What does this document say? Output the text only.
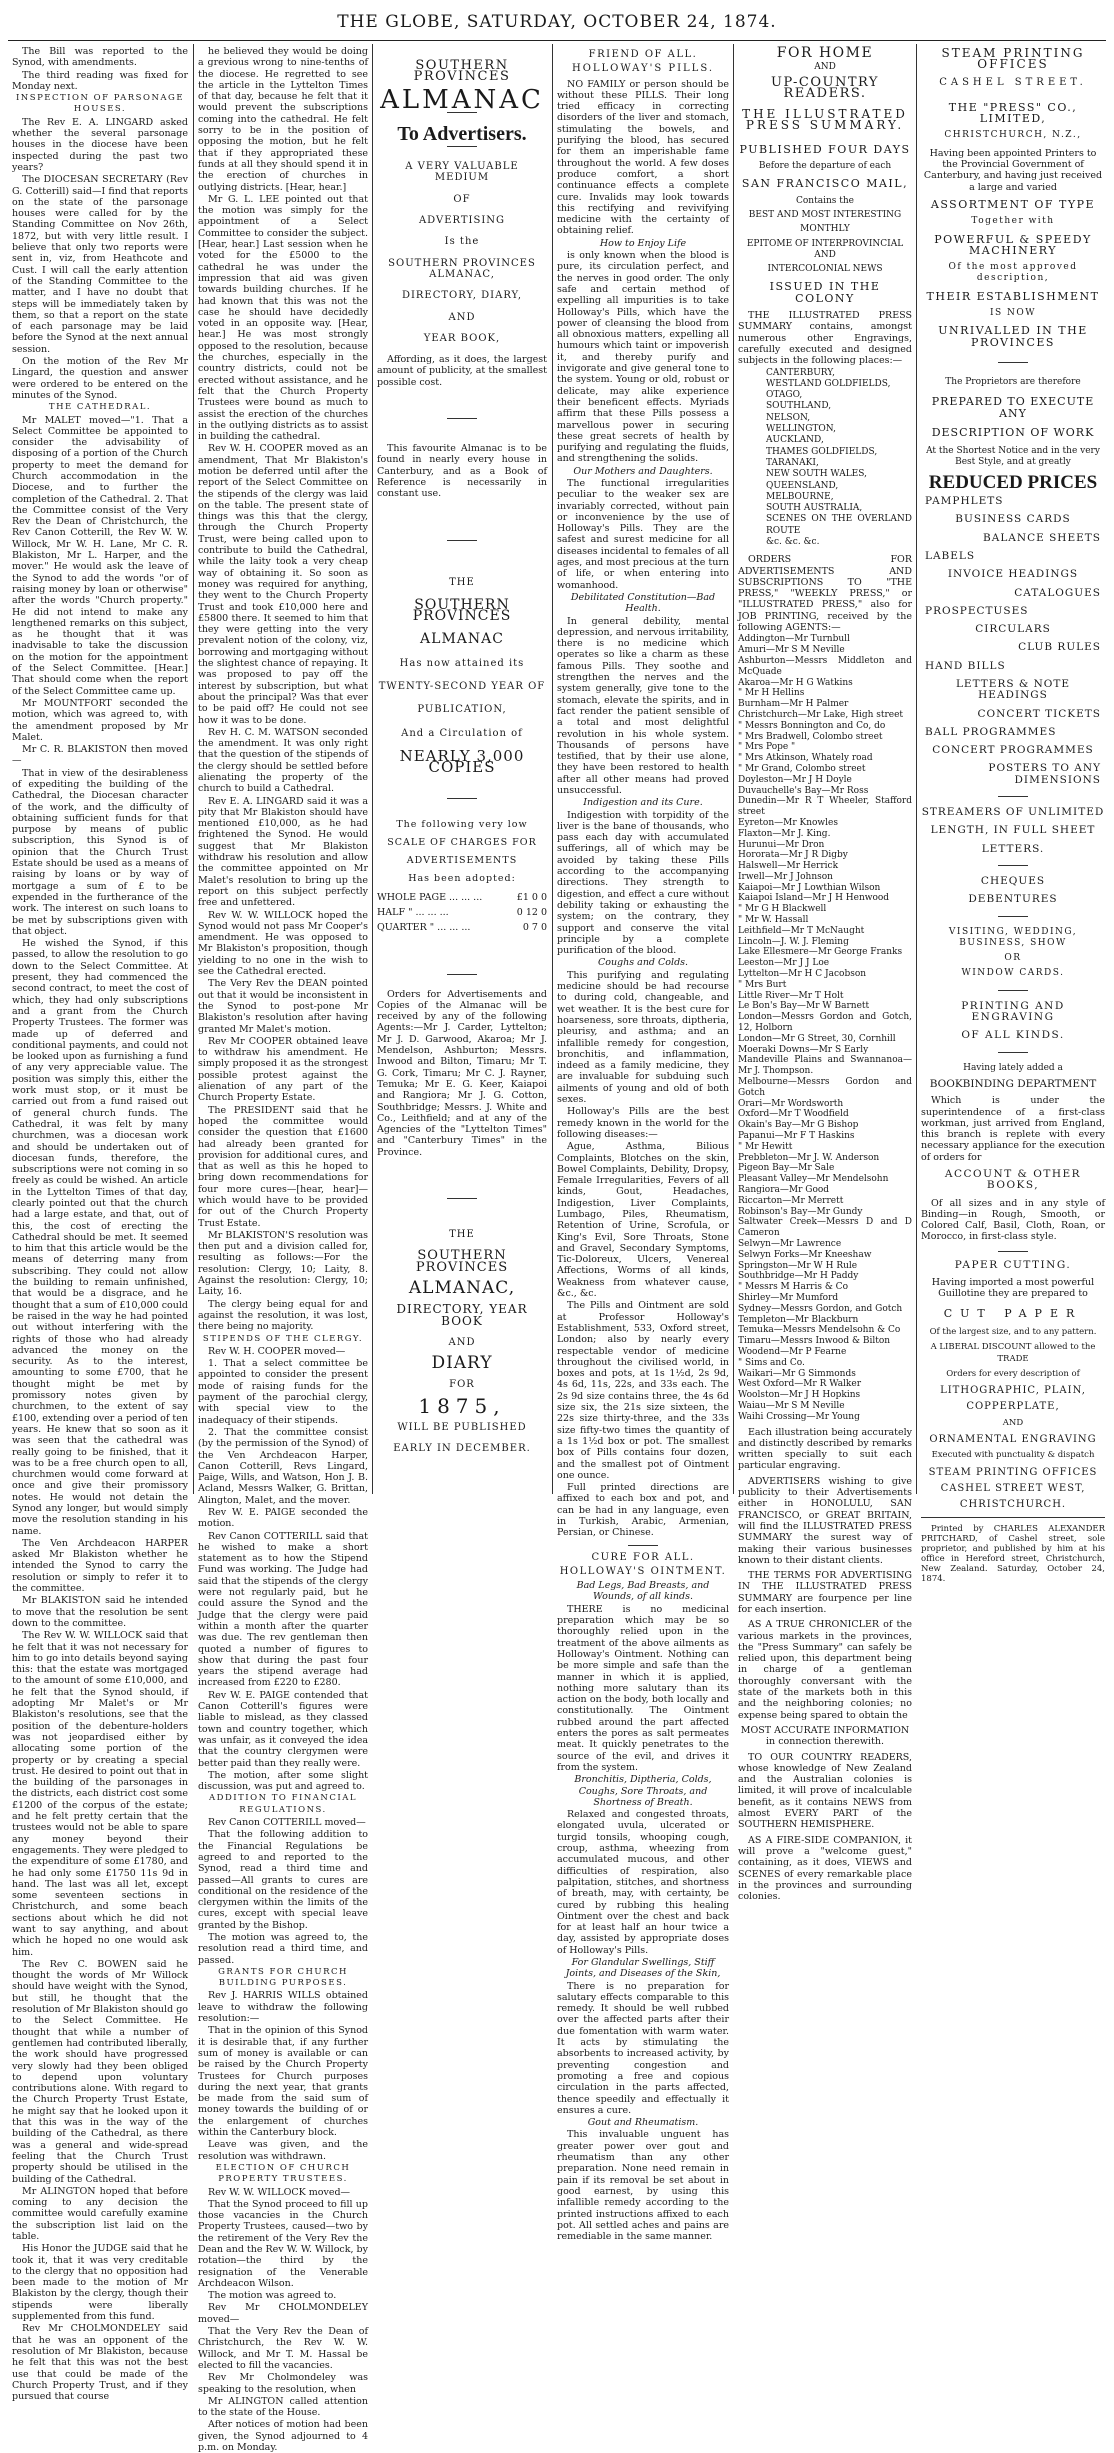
THE GLOBE, SATURDAY, OCTOBER 24, 1874.

The Bill was reported to the Synod, with amendments.

The third reading was fixed for Monday next.

INSPECTION OF PARSONAGE HOUSES.

The Rev E. A. LINGARD asked whether the several parsonage houses in the diocese have been inspected during the past two years?

The DIOCESAN SECRETARY (Rev G. Cotterill) said—I find that reports on the state of the parsonage houses were called for by the Standing Committee on Nov 26th, 1872, but with very little result. I believe that only two reports were sent in, viz, from Heathcote and Cust. I will call the early attention of the Standing Committee to the matter, and I have no doubt that steps will be immediately taken by them, so that a report on the state of each parsonage may be laid before the Synod at the next annual session.

On the motion of the Rev Mr Lingard, the question and answer were ordered to be entered on the minutes of the Synod.

THE CATHEDRAL.

Mr MALET moved—"1. That a Select Committee be appointed to consider the advisability of disposing of a portion of the Church property to meet the demand for Church accommodation in the Diocese, and to further the completion of the Cathedral. 2. That the Committee consist of the Very Rev the Dean of Christchurch, the Rev Canon Cotterill, the Rev W. W. Willock, Mr W. H. Lane, Mr C. R. Blakiston, Mr L. Harper, and the mover." He would ask the leave of the Synod to add the words "or of raising money by loan or otherwise" after the words "Church property." He did not intend to make any lengthened remarks on this subject, as he thought that it was inadvisable to take the discussion on the motion for the appointment of the Select Committee. [Hear.] That should come when the report of the Select Committee came up.

Mr MOUNTFORT seconded the motion, which was agreed to, with the amendment proposed by Mr Malet.

Mr C. R. BLAKISTON then moved—

That in view of the desirableness of expediting the building of the Cathedral, the Diocesan character of the work, and the difficulty of obtaining sufficient funds for that purpose by means of public subscription, this Synod is of opinion that the Church Trust Estate should be used as a means of raising by loans or by way of mortgage a sum of £ to be expended in the furtherance of the work. The interest on such loans to be met by subscriptions given with that object.

He wished the Synod, if this passed, to allow the resolution to go down to the Select Committee. At present, they had commenced the second contract, to meet the cost of which, they had only subscriptions and a grant from the Church Property Trustees. The former was made up of deferred and conditional payments, and could not be looked upon as furnishing a fund of any very appreciable value. The position was simply this, either the work must stop, or it must be carried out from a fund raised out of general church funds. The Cathedral, it was felt by many churchmen, was a diocesan work and should be undertaken out of diocesan funds, therefore, the subscriptions were not coming in so freely as could be wished. An article in the Lyttelton Times of that day, clearly pointed out that the church had a large estate, and that, out of this, the cost of erecting the Cathedral should be met. It seemed to him that this article would be the means of deterring many from subscribing. They could not allow the building to remain unfinished, that would be a disgrace, and he thought that a sum of £10,000 could be raised in the way he had pointed out without interfering with the rights of those who had already advanced the money on the security. As to the interest, amounting to some £700, that he thought might be met by promissory notes given by churchmen, to the extent of say £100, extending over a period of ten years. He knew that so soon as it was seen that the cathedral was really going to be finished, that it was to be a free church open to all, churchmen would come forward at once and give their promissory notes. He would not detain the Synod any longer, but would simply move the resolution standing in his name.

The Ven Archdeacon HARPER asked Mr Blakiston whether he intended the Synod to carry the resolution or simply to refer it to the committee.

Mr BLAKISTON said he intended to move that the resolution be sent down to the committee.

The Rev W. W. WILLOCK said that he felt that it was not necessary for him to go into details beyond saying this: that the estate was mortgaged to the amount of some £10,000, and he felt that the Synod should, if adopting Mr Malet's or Mr Blakiston's resolutions, see that the position of the debenture-holders was not jeopardised either by allocating some portion of the property or by creating a special trust. He desired to point out that in the building of the parsonages in the districts, each district cost some £1200 of the corpus of the estate; and he felt pretty certain that the trustees would not be able to spare any money beyond their engagements. They were pledged to the expenditure of some £1780, and he had only some £1750 11s 9d in hand. The last was all let, except some seventeen sections in Christchurch, and some beach sections about which he did not want to say anything, and about which he hoped no one would ask him.

The Rev C. BOWEN said he thought the words of Mr Willock should have weight with the Synod, but still, he thought that the resolution of Mr Blakiston should go to the Select Committee. He thought that while a number of gentlemen had contributed liberally, the work should have progressed very slowly had they been obliged to depend upon voluntary contributions alone. With regard to the Church Property Trust Estate, he might say that he looked upon it that this was in the way of the building of the Cathedral, as there was a general and wide-spread feeling that the Church Trust property should be utilised in the building of the Cathedral.

Mr ALINGTON hoped that before coming to any decision the committee would carefully examine the subscription list laid on the table.

His Honor the JUDGE said that he took it, that it was very creditable to the clergy that no opposition had been made to the motion of Mr Blakiston by the clergy, though their stipends were liberally supplemented from this fund.

Rev Mr CHOLMONDELEY said that he was an opponent of the resolution of Mr Blakiston, because he felt that this was not the best use that could be made of the Church Property Trust, and if they pursued that course

he believed they would be doing a grevious wrong to nine-tenths of the diocese. He regretted to see the article in the Lyttelton Times of that day, because he felt that it would prevent the subscriptions coming into the cathedral. He felt sorry to be in the position of opposing the motion, but he felt that if they appropriated these funds at all they should spend it in the erection of churches in outlying districts. [Hear, hear.]

Mr G. L. LEE pointed out that the motion was simply for the appointment of a Select Committee to consider the subject. [Hear, hear.] Last session when he voted for the £5000 to the cathedral he was under the impression that aid was given towards building churches. If he had known that this was not the case he should have decidedly voted in an opposite way. [Hear, hear.] He was most strongly opposed to the resolution, because the churches, especially in the country districts, could not be erected without assistance, and he felt that the Church Property Trustees were bound as much to assist the erection of the churches in the outlying districts as to assist in building the cathedral.

Rev W. H. COOPER moved as an amendment, That Mr Blakiston's motion be deferred until after the report of the Select Committee on the stipends of the clergy was laid on the table. The present state of things was this that the clergy, through the Church Property Trust, were being called upon to contribute to build the Cathedral, while the laity took a very cheap way of obtaining it. So soon as money was required for anything, they went to the Church Property Trust and took £10,000 here and £5800 there. It seemed to him that they were getting into the very prevalent notion of the colony, viz, borrowing and mortgaging without the slightest chance of repaying. It was proposed to pay off the interest by subscription, but what about the principal? Was that ever to be paid off? He could not see how it was to be done.

Rev H. C. M. WATSON seconded the amendment. It was only right that the question of the stipends of the clergy should be settled before alienating the property of the church to build a Cathedral.

Rev E. A. LINGARD said it was a pity that Mr Blakiston should have mentioned £10,000, as he had frightened the Synod. He would suggest that Mr Blakiston withdraw his resolution and allow the committee appointed on Mr Malet's resolution to bring up the report on this subject perfectly free and unfettered.

Rev W. W. WILLOCK hoped the Synod would not pass Mr Cooper's amendment. He was opposed to Mr Blakiston's proposition, though yielding to no one in the wish to see the Cathedral erected.

The Very Rev the DEAN pointed out that it would be inconsistent in the Synod to post-pone Mr Blakiston's resolution after having granted Mr Malet's motion.

Rev Mr COOPER obtained leave to withdraw his amendment. He simply proposed it as the strongest possible protest against the alienation of any part of the Church Property Estate.

The PRESIDENT said that he hoped the committee would consider the question that £1600 had already been granted for provision for additional cures, and that as well as this he hoped to bring down recommendations for four more cures—[hear, hear]—which would have to be provided for out of the Church Property Trust Estate.

Mr BLAKISTON'S resolution was then put and a division called for, resulting as follows:—For the resolution: Clergy, 10; Laity, 8. Against the resolution: Clergy, 10; Laity, 16.

The clergy being equal for and against the resolution, it was lost, there being no majority.

STIPENDS OF THE CLERGY.

Rev W. H. COOPER moved—

1. That a select committee be appointed to consider the present mode of raising funds for the payment of the parochial clergy, with special view to the inadequacy of their stipends.

2. That the committee consist (by the permission of the Synod) of the Ven Archdeacon Harper, Canon Cotterill, Revs Lingard, Paige, Wills, and Watson, Hon J. B. Acland, Messrs Walker, G. Brittan, Alington, Malet, and the mover.

Rev W. E. PAIGE seconded the motion.

Rev Canon COTTERILL said that he wished to make a short statement as to how the Stipend Fund was working. The Judge had said that the stipends of the clergy were not regularly paid, but he could assure the Synod and the Judge that the clergy were paid within a month after the quarter was due. The rev gentleman then quoted a number of figures to show that during the past four years the stipend average had increased from £220 to £280.

Rev W. E. PAIGE contended that Canon Cotterill's figures were liable to mislead, as they classed town and country together, which was unfair, as it conveyed the idea that the country clergymen were better paid than they really were.

The motion, after some slight discussion, was put and agreed to.

ADDITION TO FINANCIAL REGULATIONS.

Rev Canon COTTERILL moved—

That the following addition to the Financial Regulations be agreed to and reported to the Synod, read a third time and passed—All grants to cures are conditional on the residence of the clergymen within the limits of the cures, except with special leave granted by the Bishop.

The motion was agreed to, the resolution read a third time, and passed.

GRANTS FOR CHURCH BUILDING PURPOSES.

Rev J. HARRIS WILLS obtained leave to withdraw the following resolution:—

That in the opinion of this Synod it is desirable that, if any further sum of money is available or can be raised by the Church Property Trustees for Church purposes during the next year, that grants be made from the said sum of money towards the building of or the enlargement of churches within the Canterbury block.

Leave was given, and the resolution was withdrawn.

ELECTION OF CHURCH PROPERTY TRUSTEES.

Rev W. W. WILLOCK moved—

That the Synod proceed to fill up those vacancies in the Church Property Trustees, caused—two by the retirement of the Very Rev the Dean and the Rev W. W. Willock, by rotation—the third by the resignation of the Venerable Archdeacon Wilson.

The motion was agreed to.

Rev Mr CHOLMONDELEY moved—

That the Very Rev the Dean of Christchurch, the Rev W. W. Willock, and Mr T. M. Hassal be elected to fill the vacancies.

Rev Mr Cholmondeley was speaking to the resolution, when

Mr ALINGTON called attention to the state of the House.

After notices of motion had been given, the Synod adjourned to 4 p.m. on Monday.

SOUTHERN PROVINCES
ALMANAC
To Advertisers.
A VERY VALUABLE MEDIUM
OF
ADVERTISING
Is the
SOUTHERN PROVINCES ALMANAC,
DIRECTORY, DIARY,
AND
YEAR BOOK,

Affording, as it does, the largest amount of publicity, at the smallest possible cost.

This favourite Almanac is to be found in nearly every house in Canterbury, and as a Book of Reference is necessarily in constant use.

THE
SOUTHERN PROVINCES
ALMANAC
Has now attained its
TWENTY-SECOND YEAR OF
PUBLICATION,
And a Circulation of
NEARLY 3,000 COPIES
The following very low
SCALE OF CHARGES FOR
ADVERTISEMENTS
Has been adopted:
WHOLE PAGE ... ... ...	£1 0 0
HALF " ... ... ...	0 12 0
QUARTER " ... ... ...	0 7 0

Orders for Advertisements and Copies of the Almanac will be received by any of the following Agents:—Mr J. Carder, Lyttelton; Mr J. D. Garwood, Akaroa; Mr J. Mendelson, Ashburton; Messrs. Inwood and Bilton, Timaru; Mr T. G. Cork, Timaru; Mr C. J. Rayner, Temuka; Mr E. G. Keer, Kaiapoi and Rangiora; Mr J. G. Cotton, Southbridge; Messrs. J. White and Co., Leithfield; and at any of the Agencies of the "Lyttelton Times" and "Canterbury Times" in the Province.

THE
SOUTHERN PROVINCES
ALMANAC,
DIRECTORY, YEAR BOOK
AND
DIARY
FOR
1875,
WILL BE PUBLISHED
EARLY IN DECEMBER.
FRIEND OF ALL.
HOLLOWAY'S PILLS.

NO FAMILY or person should be without these PILLS. Their long tried efficacy in correcting disorders of the liver and stomach, stimulating the bowels, and purifying the blood, has secured for them an imperishable fame throughout the world. A few doses produce comfort, a short continuance effects a complete cure. Invalids may look towards this rectifying and revivifying medicine with the certainty of obtaining relief.

How to Enjoy Life

is only known when the blood is pure, its circulation perfect, and the nerves in good order. The only safe and certain method of expelling all impurities is to take Holloway's Pills, which have the power of cleansing the blood from all obnoxious matters, expelling all humours which taint or impoverish it, and thereby purify and invigorate and give general tone to the system. Young or old, robust or delicate, may alike experience their beneficent effects. Myriads affirm that these Pills possess a marvellous power in securing these great secrets of health by purifying and regulating the fluids, and strengthening the solids.

Our Mothers and Daughters.

The functional irregularities peculiar to the weaker sex are invariably corrected, without pain or inconvenience by the use of Holloway's Pills. They are the safest and surest medicine for all diseases incidental to females of all ages, and most precious at the turn of life, or when entering into womanhood.

Debilitated Constitution—Bad Health.

In general debility, mental depression, and nervous irritability, there is no medicine which operates so like a charm as these famous Pills. They soothe and strengthen the nerves and the system generally, give tone to the stomach, elevate the spirits, and in fact render the patient sensible of a total and most delightful revolution in his whole system. Thousands of persons have testified, that by their use alone, they have been restored to health after all other means had proved unsuccessful.

Indigestion and its Cure.

Indigestion with torpidity of the liver is the bane of thousands, who pass each day with accumulated sufferings, all of which may be avoided by taking these Pills according to the accompanying directions. They strength to digestion, and effect a cure without debility taking or exhausting the system; on the contrary, they support and conserve the vital principle by a complete purification of the blood.

Coughs and Colds.

This purifying and regulating medicine should be had recourse to during cold, changeable, and wet weather. It is the best cure for hoarseness, sore throats, diptheria, pleurisy, and asthma; and an infallible remedy for congestion, bronchitis, and inflammation, indeed as a family medicine, they are invaluable for subduing such ailments of young and old of both sexes.

Holloway's Pills are the best remedy known in the world for the following diseases:—

Ague, Asthma, Bilious Complaints, Blotches on the skin, Bowel Complaints, Debility, Dropsy, Female Irregularities, Fevers of all kinds, Gout, Headaches, Indigestion, Liver Complaints, Lumbago, Piles, Rheumatism, Retention of Urine, Scrofula, or King's Evil, Sore Throats, Stone and Gravel, Secondary Symptoms, Tic-Doloreux, Ulcers, Venereal Affections, Worms of all kinds, Weakness from whatever cause, &c., &c.

The Pills and Ointment are sold at Professor Holloway's Establishment, 533, Oxford street, London; also by nearly every respectable vendor of medicine throughout the civilised world, in boxes and pots, at 1s 1½d, 2s 9d, 4s 6d, 11s, 22s, and 33s each. The 2s 9d size contains three, the 4s 6d size six, the 21s size sixteen, the 22s size thirty-three, and the 33s size fifty-two times the quantity of a 1s 1½d box or pot. The smallest box of Pills contains four dozen, and the smallest pot of Ointment one ounce.

Full printed directions are affixed to each box and pot, and can be had in any language, even in Turkish, Arabic, Armenian, Persian, or Chinese.

CURE FOR ALL.
HOLLOWAY'S OINTMENT.

Bad Legs, Bad Breasts, and Wounds, of all kinds.

THERE is no medicinal preparation which may be so thoroughly relied upon in the treatment of the above ailments as Holloway's Ointment. Nothing can be more simple and safe than the manner in which it is applied, nothing more salutary than its action on the body, both locally and constitutionally. The Ointment rubbed around the part affected enters the pores as salt permeates meat. It quickly penetrates to the source of the evil, and drives it from the system.

Bronchitis, Diptheria, Colds, Coughs, Sore Throats, and Shortness of Breath.

Relaxed and congested throats, elongated uvula, ulcerated or turgid tonsils, whooping cough, croup, asthma, wheezing from accumulated mucous, and other difficulties of respiration, also palpitation, stitches, and shortness of breath, may, with certainty, be cured by rubbing this healing Ointment over the chest and back for at least half an hour twice a day, assisted by appropriate doses of Holloway's Pills.

For Glandular Swellings, Stiff Joints, and Diseases of the Skin,

There is no preparation for salutary effects comparable to this remedy. It should be well rubbed over the affected parts after their due fomentation with warm water. It acts by stimulating the absorbents to increased activity, by preventing congestion and promoting a free and copious circulation in the parts affected, thence speedily and effectually it ensures a cure.

Gout and Rheumatism.

This invaluable unguent has greater power over gout and rheumatism than any other preparation. None need remain in pain if its removal be set about in good earnest, by using this infallible remedy according to the printed instructions affixed to each pot. All settled aches and pains are remediable in the same manner.

FOR HOME
AND
UP-COUNTRY READERS.
THE ILLUSTRATED PRESS SUMMARY.
PUBLISHED FOUR DAYS
Before the departure of each
SAN FRANCISCO MAIL,
Contains the
BEST AND MOST INTERESTING
MONTHLY
EPITOME OF INTERPROVINCIAL AND
INTERCOLONIAL NEWS
ISSUED IN THE COLONY

THE ILLUSTRATED PRESS SUMMARY contains, amongst numerous other Engravings, carefully executed and designed subjects in the following places:—

CANTERBURY,
WESTLAND GOLDFIELDS,
OTAGO,
SOUTHLAND,
NELSON,
WELLINGTON,
AUCKLAND,
THAMES GOLDFIELDS,
TARANAKI,
NEW SOUTH WALES,
QUEENSLAND,
MELBOURNE,
SOUTH AUSTRALIA,
SCENES ON THE OVERLAND ROUTE
&c. &c. &c.

ORDERS FOR ADVERTISEMENTS AND SUBSCRIPTIONS TO "THE PRESS," "WEEKLY PRESS," or "ILLUSTRATED PRESS," also for JOB PRINTING, received by the following AGENTS:—

Addington—Mr Turnbull

Amuri—Mr S M Neville

Ashburton—Messrs Middleton and McQuade

Akaroa—Mr H G Watkins

" Mr H Hellins

Burnham—Mr H Palmer

Christchurch—Mr Lake, High street

" Messrs Bonnington and Co, do

" Mrs Bradwell, Colombo street

" Mrs Pope "

" Mrs Atkinson, Whately road

" Mr Grand, Colombo street

Doyleston—Mr J H Doyle

Duvauchelle's Bay—Mr Ross

Dunedin—Mr R T Wheeler, Stafford street

Eyreton—Mr Knowles

Flaxton—Mr J. King.

Hurunui—Mr Dron

Hororata—Mr J R Digby

Halswell—Mr Herrick

Irwell—Mr J Johnson

Kaiapoi—Mr J Lowthian Wilson

Kaiapoi Island—Mr J H Henwood

" Mr G H Blackwell

" Mr W. Hassall

Leithfield—Mr T McNaught

Lincoln—J. W. J. Fleming

Lake Ellesmere—Mr George Franks

Leeston—Mr J J Loe

Lyttelton—Mr H C Jacobson

" Mrs Burt

Little River—Mr T Holt

Le Bon's Bay—Mr W Barnett

London—Messrs Gordon and Gotch, 12, Holborn

London—Mr G Street, 30, Cornhill

Moeraki Downs—Mr S Early

Mandeville Plains and Swannanoa—Mr J. Thompson.

Melbourne—Messrs Gordon and Gotch

Orari—Mr Wordsworth

Oxford—Mr T Woodfield

Okain's Bay—Mr G Bishop

Papanui—Mr F T Haskins

" Mr Hewitt

Prebbleton—Mr J. W. Anderson

Pigeon Bay—Mr Sale

Pleasant Valley—Mr Mendelsohn

Rangiora—Mr Good

Riccarton—Mr Merrett

Robinson's Bay—Mr Gundy

Saltwater Creek—Messrs D and D Cameron

Selwyn—Mr Lawrence

Selwyn Forks—Mr Kneeshaw

Springston—Mr W H Rule

Southbridge—Mr H Paddy

" Messrs M Harris & Co

Shirley—Mr Mumford

Sydney—Messrs Gordon, and Gotch

Templeton—Mr Blackburn

Temuka—Messrs Mendelsohn & Co

Timaru—Messrs Inwood & Bilton

Woodend—Mr P Fearne

" Sims and Co.

Waikari—Mr G Simmonds

West Oxford—Mr R Walker

Woolston—Mr J H Hopkins

Waiau—Mr S M Neville

Waihi Crossing—Mr Young

Each illustration being accurately and distinctly described by remarks written specially to suit each particular engraving.

ADVERTISERS wishing to give publicity to their Advertisements either in HONOLULU, SAN FRANCISCO, or GREAT BRITAIN, will find the ILLUSTRATED PRESS SUMMARY the surest way of making their various businesses known to their distant clients.

THE TERMS FOR ADVERTISING IN THE ILLUSTRATED PRESS SUMMARY are fourpence per line for each insertion.

AS A TRUE CHRONICLER of the various markets in the provinces, the "Press Summary" can safely be relied upon, this department being in charge of a gentleman thoroughly conversant with the state of the markets both in this and the neighboring colonies; no expense being spared to obtain the

MOST ACCURATE INFORMATION in connection therewith.

TO OUR COUNTRY READERS, whose knowledge of New Zealand and the Australian colonies is limited, it will prove of incalculable benefit, as it contains NEWS from almost EVERY PART of the SOUTHERN HEMISPHERE.

AS A FIRE-SIDE COMPANION, it will prove a "welcome guest," containing, as it does, VIEWS and SCENES of every remarkable place in the provinces and surrounding colonies.

STEAM PRINTING OFFICES
CASHEL STREET.
THE "PRESS" CO., LIMITED,
CHRISTCHURCH, N.Z.,

Having been appointed Printers to the Provincial Government of Canterbury, and having just received a large and varied

ASSORTMENT OF TYPE
Together with
POWERFUL & SPEEDY MACHINERY
Of the most approved description,
THEIR ESTABLISHMENT
IS NOW
UNRIVALLED IN THE PROVINCES
The Proprietors are therefore
PREPARED TO EXECUTE ANY
DESCRIPTION OF WORK
At the Shortest Notice and in the very Best Style, and at greatly
REDUCED PRICES
PAMPHLETS
BUSINESS CARDS
BALANCE SHEETS
LABELS
INVOICE HEADINGS
CATALOGUES
PROSPECTUSES
CIRCULARS
CLUB RULES
HAND BILLS
LETTERS & NOTE HEADINGS
CONCERT TICKETS
BALL PROGRAMMES
CONCERT PROGRAMMES
POSTERS TO ANY DIMENSIONS
STREAMERS OF UNLIMITED
LENGTH, IN FULL SHEET
LETTERS.
CHEQUES
DEBENTURES
VISITING, WEDDING, BUSINESS, SHOW
OR
WINDOW CARDS.
PRINTING AND ENGRAVING
OF ALL KINDS.
Having lately added a
BOOKBINDING DEPARTMENT

Which is under the superintendence of a first-class workman, just arrived from England, this branch is replete with every necessary appliance for the execution of orders for

ACCOUNT & OTHER BOOKS,

Of all sizes and in any style of Binding—in Rough, Smooth, or Colored Calf, Basil, Cloth, Roan, or Morocco, in first-class style.

PAPER CUTTING.

Having imported a most powerful Guillotine they are prepared to

CUT PAPER
Of the largest size, and to any pattern.
A LIBERAL DISCOUNT allowed to the TRADE
Orders for every description of
LITHOGRAPHIC, PLAIN,
COPPERPLATE,
AND
ORNAMENTAL ENGRAVING
Executed with punctuality & dispatch
STEAM PRINTING OFFICES
CASHEL STREET WEST,
CHRISTCHURCH.

Printed by CHARLES ALEXANDER PRITCHARD, of Cashel street, sole proprietor, and published by him at his office in Hereford street, Christchurch, New Zealand. Saturday, October 24, 1874.
